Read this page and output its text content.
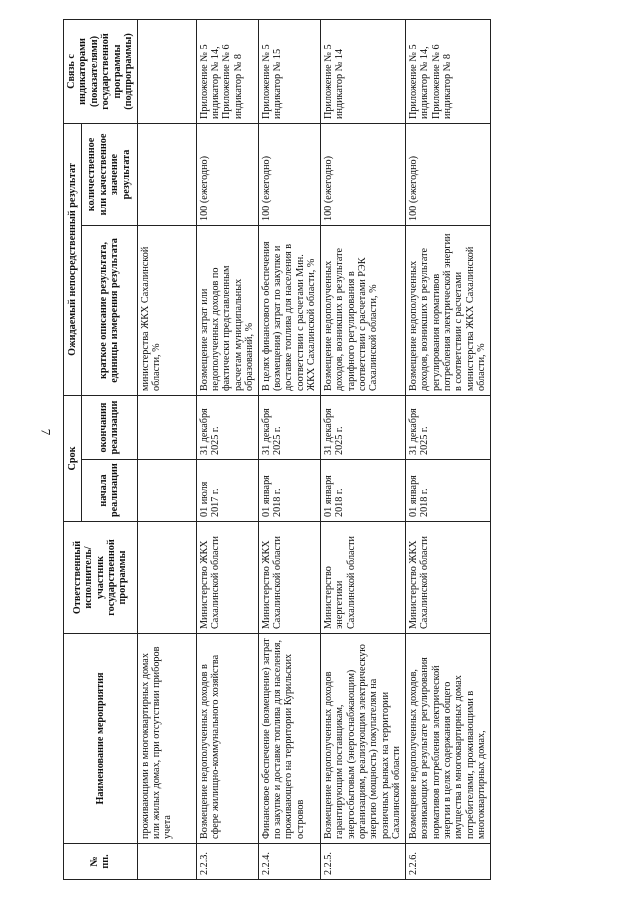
7
№ пп.	Наименование мероприятия	Ответственный исполнитель/участник государственной программы	Срок		Ожидаемый непосредственный результат		Связь с индикаторами (показателями) государственной программы (подпрограммы)
			начала реализации	окончания реализации	краткое описание результата, единицы измерения результата	количественное или качественное значение результата	
	проживающими в многоквартирных домах или жилых домах, при отсутствии приборов учета				министерства ЖКХ Сахалинской области, %		
2.2.3.	Возмещение недополученных доходов в сфере жилищно-коммунального хозяйства	Министерство ЖКХ Сахалинской области	01 июля 2017 г.	31 декабря 2025 г.	Возмещение затрат или недополученных доходов по фактически представленным расчетам муниципальных образований, %	100 (ежегодно)	Приложение № 5 индикатор № 14, Приложение № 6 индикатор № 8
2.2.4.	Финансовое обеспечение (возмещение) затрат по закупке и доставке топлива для населения, проживающего на территории Курильских островов	Министерство ЖКХ Сахалинской области	01 января 2018 г.	31 декабря 2025 г.	В целях финансового обеспечения (возмещения) затрат по закупке и доставке топлива для населения в соответствии с расчетами Мин. ЖКХ Сахалинской области, %	100 (ежегодно)	Приложение № 5 индикатор № 15
2.2.5.	Возмещение недополученных доходов гарантирующим поставщикам, энергосбытовым (энергоснабжающим) организациям, реализующим электрическую энергию (мощность) покупателям на розничных рынках на территории Сахалинской области	Министерство энергетики Сахалинской области	01 января 2018 г.	31 декабря 2025 г.	Возмещение недополученных доходов, возникших в результате тарифного регулирования в соответствии с расчетами РЭК Сахалинской области, %	100 (ежегодно)	Приложение № 5 индикатор № 14
2.2.6.	Возмещение недополученных доходов, возникающих в результате регулирования нормативов потребления электрической энергии в целях содержания общего имущества в многоквартирных домах потребителями, проживающими в многоквартирных домах,	Министерство ЖКХ Сахалинской области	01 января 2018 г.	31 декабря 2025 г.	Возмещение недополученных доходов, возникших в результате регулирования нормативов потребления электрической энергии в соответствии с расчетами министерства ЖКХ Сахалинской области, %	100 (ежегодно)	Приложение № 5 индикатор № 14, Приложение № 6 индикатор № 8
